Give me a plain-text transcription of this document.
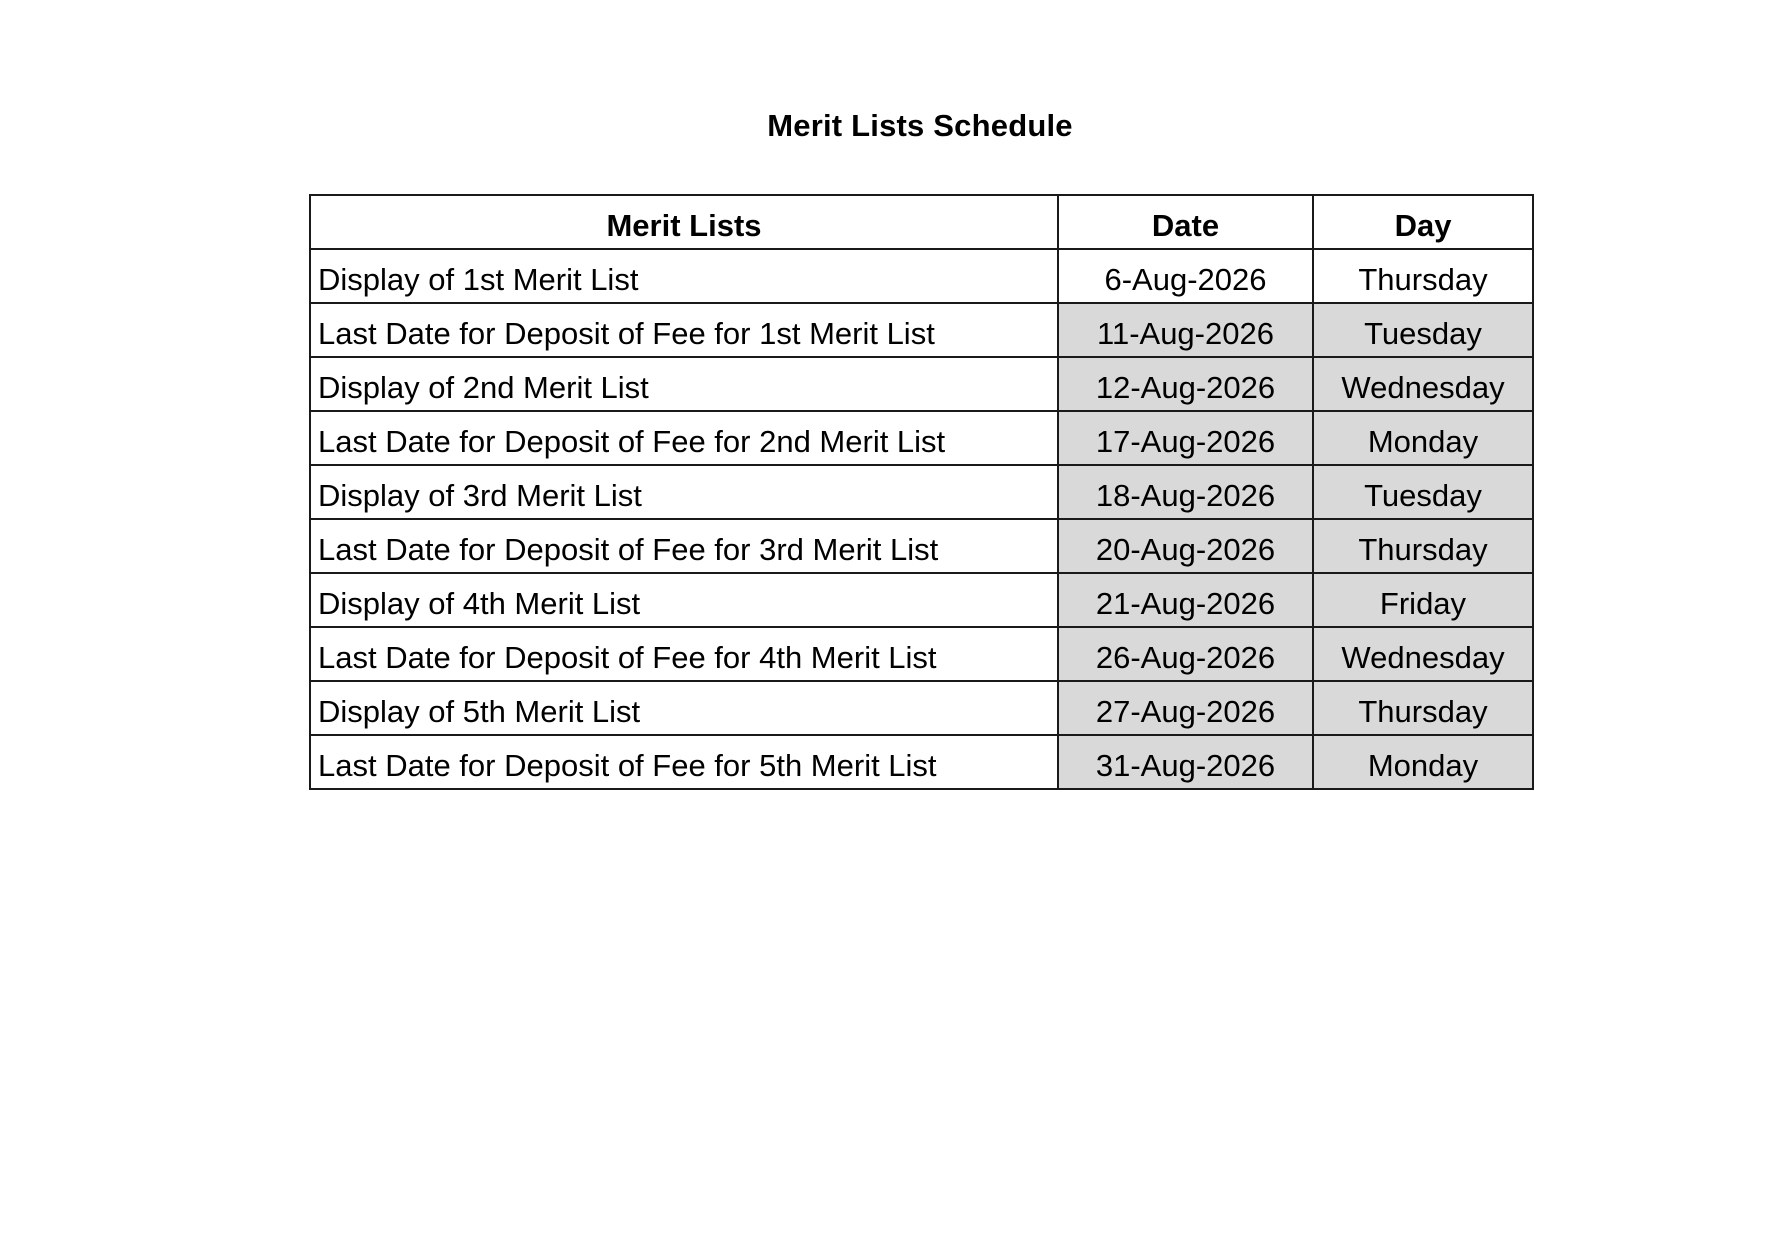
Merit Lists Schedule
Merit Lists	Date	Day
Display of 1st Merit List	6-Aug-2026	Thursday
Last Date for Deposit of Fee for 1st Merit List	11-Aug-2026	Tuesday
Display of 2nd Merit List	12-Aug-2026	Wednesday
Last Date for Deposit of Fee for 2nd Merit List	17-Aug-2026	Monday
Display of 3rd Merit List	18-Aug-2026	Tuesday
Last Date for Deposit of Fee for 3rd Merit List	20-Aug-2026	Thursday
Display of 4th Merit List	21-Aug-2026	Friday
Last Date for Deposit of Fee for 4th Merit List	26-Aug-2026	Wednesday
Display of 5th Merit List	27-Aug-2026	Thursday
Last Date for Deposit of Fee for 5th Merit List	31-Aug-2026	Monday
